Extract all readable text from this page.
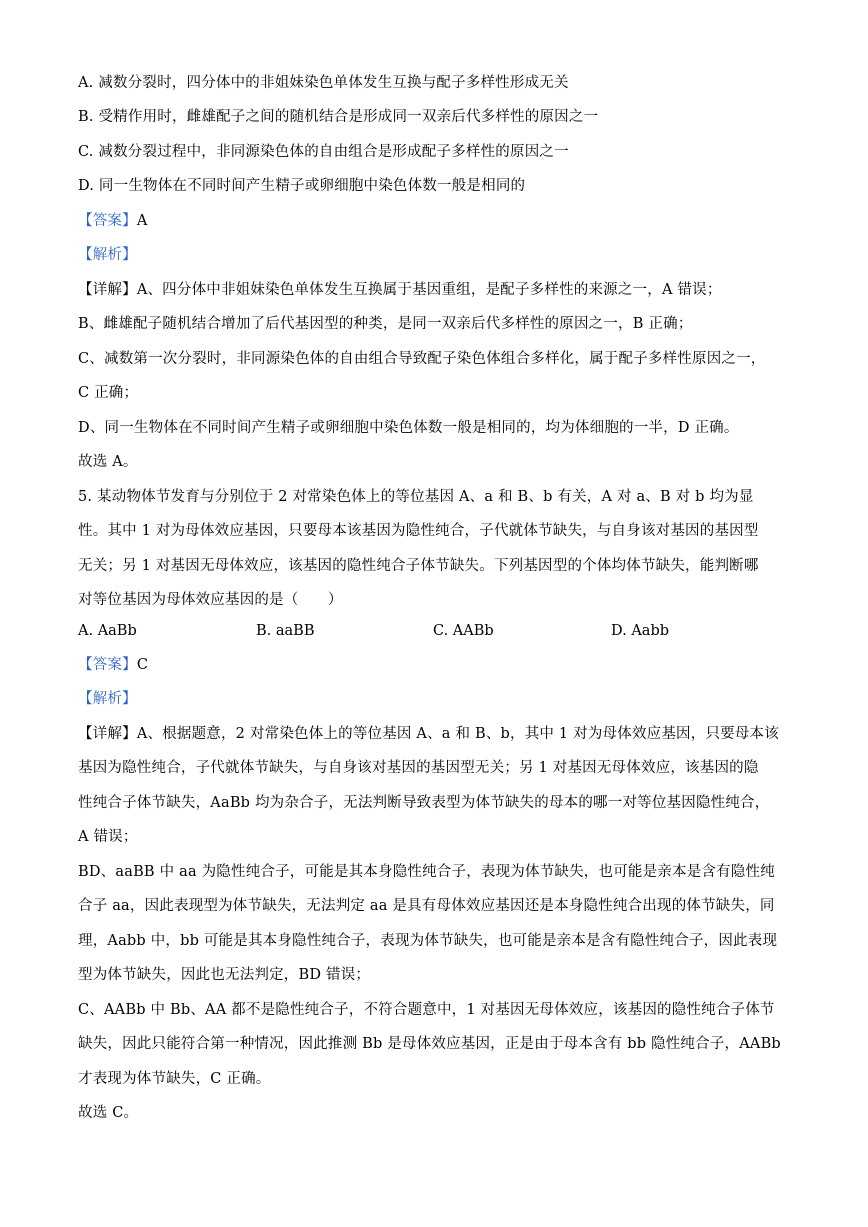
A. 减数分裂时，四分体中的非姐妹染色单体发生互换与配子多样性形成无关
B. 受精作用时，雌雄配子之间的随机结合是形成同一双亲后代多样性的原因之一
C. 减数分裂过程中，非同源染色体的自由组合是形成配子多样性的原因之一
D. 同一生物体在不同时间产生精子或卵细胞中染色体数一般是相同的
【答案】A
【解析】
【详解】A、四分体中非姐妹染色单体发生互换属于基因重组，是配子多样性的来源之一，A 错误；
B、雌雄配子随机结合增加了后代基因型的种类，是同一双亲后代多样性的原因之一，B 正确；
C、减数第一次分裂时，非同源染色体的自由组合导致配子染色体组合多样化，属于配子多样性原因之一，
C 正确；
D、同一生物体在不同时间产生精子或卵细胞中染色体数一般是相同的，均为体细胞的一半，D 正确。
故选 A。
5. 某动物体节发育与分别位于 2 对常染色体上的等位基因 A、a 和 B、b 有关，A 对 a、B 对 b 均为显
性。其中 1 对为母体效应基因，只要母本该基因为隐性纯合，子代就体节缺失，与自身该对基因的基因型
无关；另 1 对基因无母体效应，该基因的隐性纯合子体节缺失。下列基因型的个体均体节缺失，能判断哪
对等位基因为母体效应基因的是（　　）
A. AaBb	B. aaBB	C. AABb	D. Aabb
【答案】C
【解析】
【详解】A、根据题意，2 对常染色体上的等位基因 A、a 和 B、b，其中 1 对为母体效应基因，只要母本该
基因为隐性纯合，子代就体节缺失，与自身该对基因的基因型无关；另 1 对基因无母体效应，该基因的隐
性纯合子体节缺失，AaBb 均为杂合子，无法判断导致表型为体节缺失的母本的哪一对等位基因隐性纯合，
A 错误；
BD、aaBB 中 aa 为隐性纯合子，可能是其本身隐性纯合子，表现为体节缺失，也可能是亲本是含有隐性纯
合子 aa，因此表现型为体节缺失，无法判定 aa 是具有母体效应基因还是本身隐性纯合出现的体节缺失，同
理，Aabb 中，bb 可能是其本身隐性纯合子，表现为体节缺失，也可能是亲本是含有隐性纯合子，因此表现
型为体节缺失，因此也无法判定，BD 错误；
C、AABb 中 Bb、AA 都不是隐性纯合子，不符合题意中，1 对基因无母体效应，该基因的隐性纯合子体节
缺失，因此只能符合第一种情况，因此推测 Bb 是母体效应基因，正是由于母本含有 bb 隐性纯合子，AABb
才表现为体节缺失，C 正确。
故选 C。
